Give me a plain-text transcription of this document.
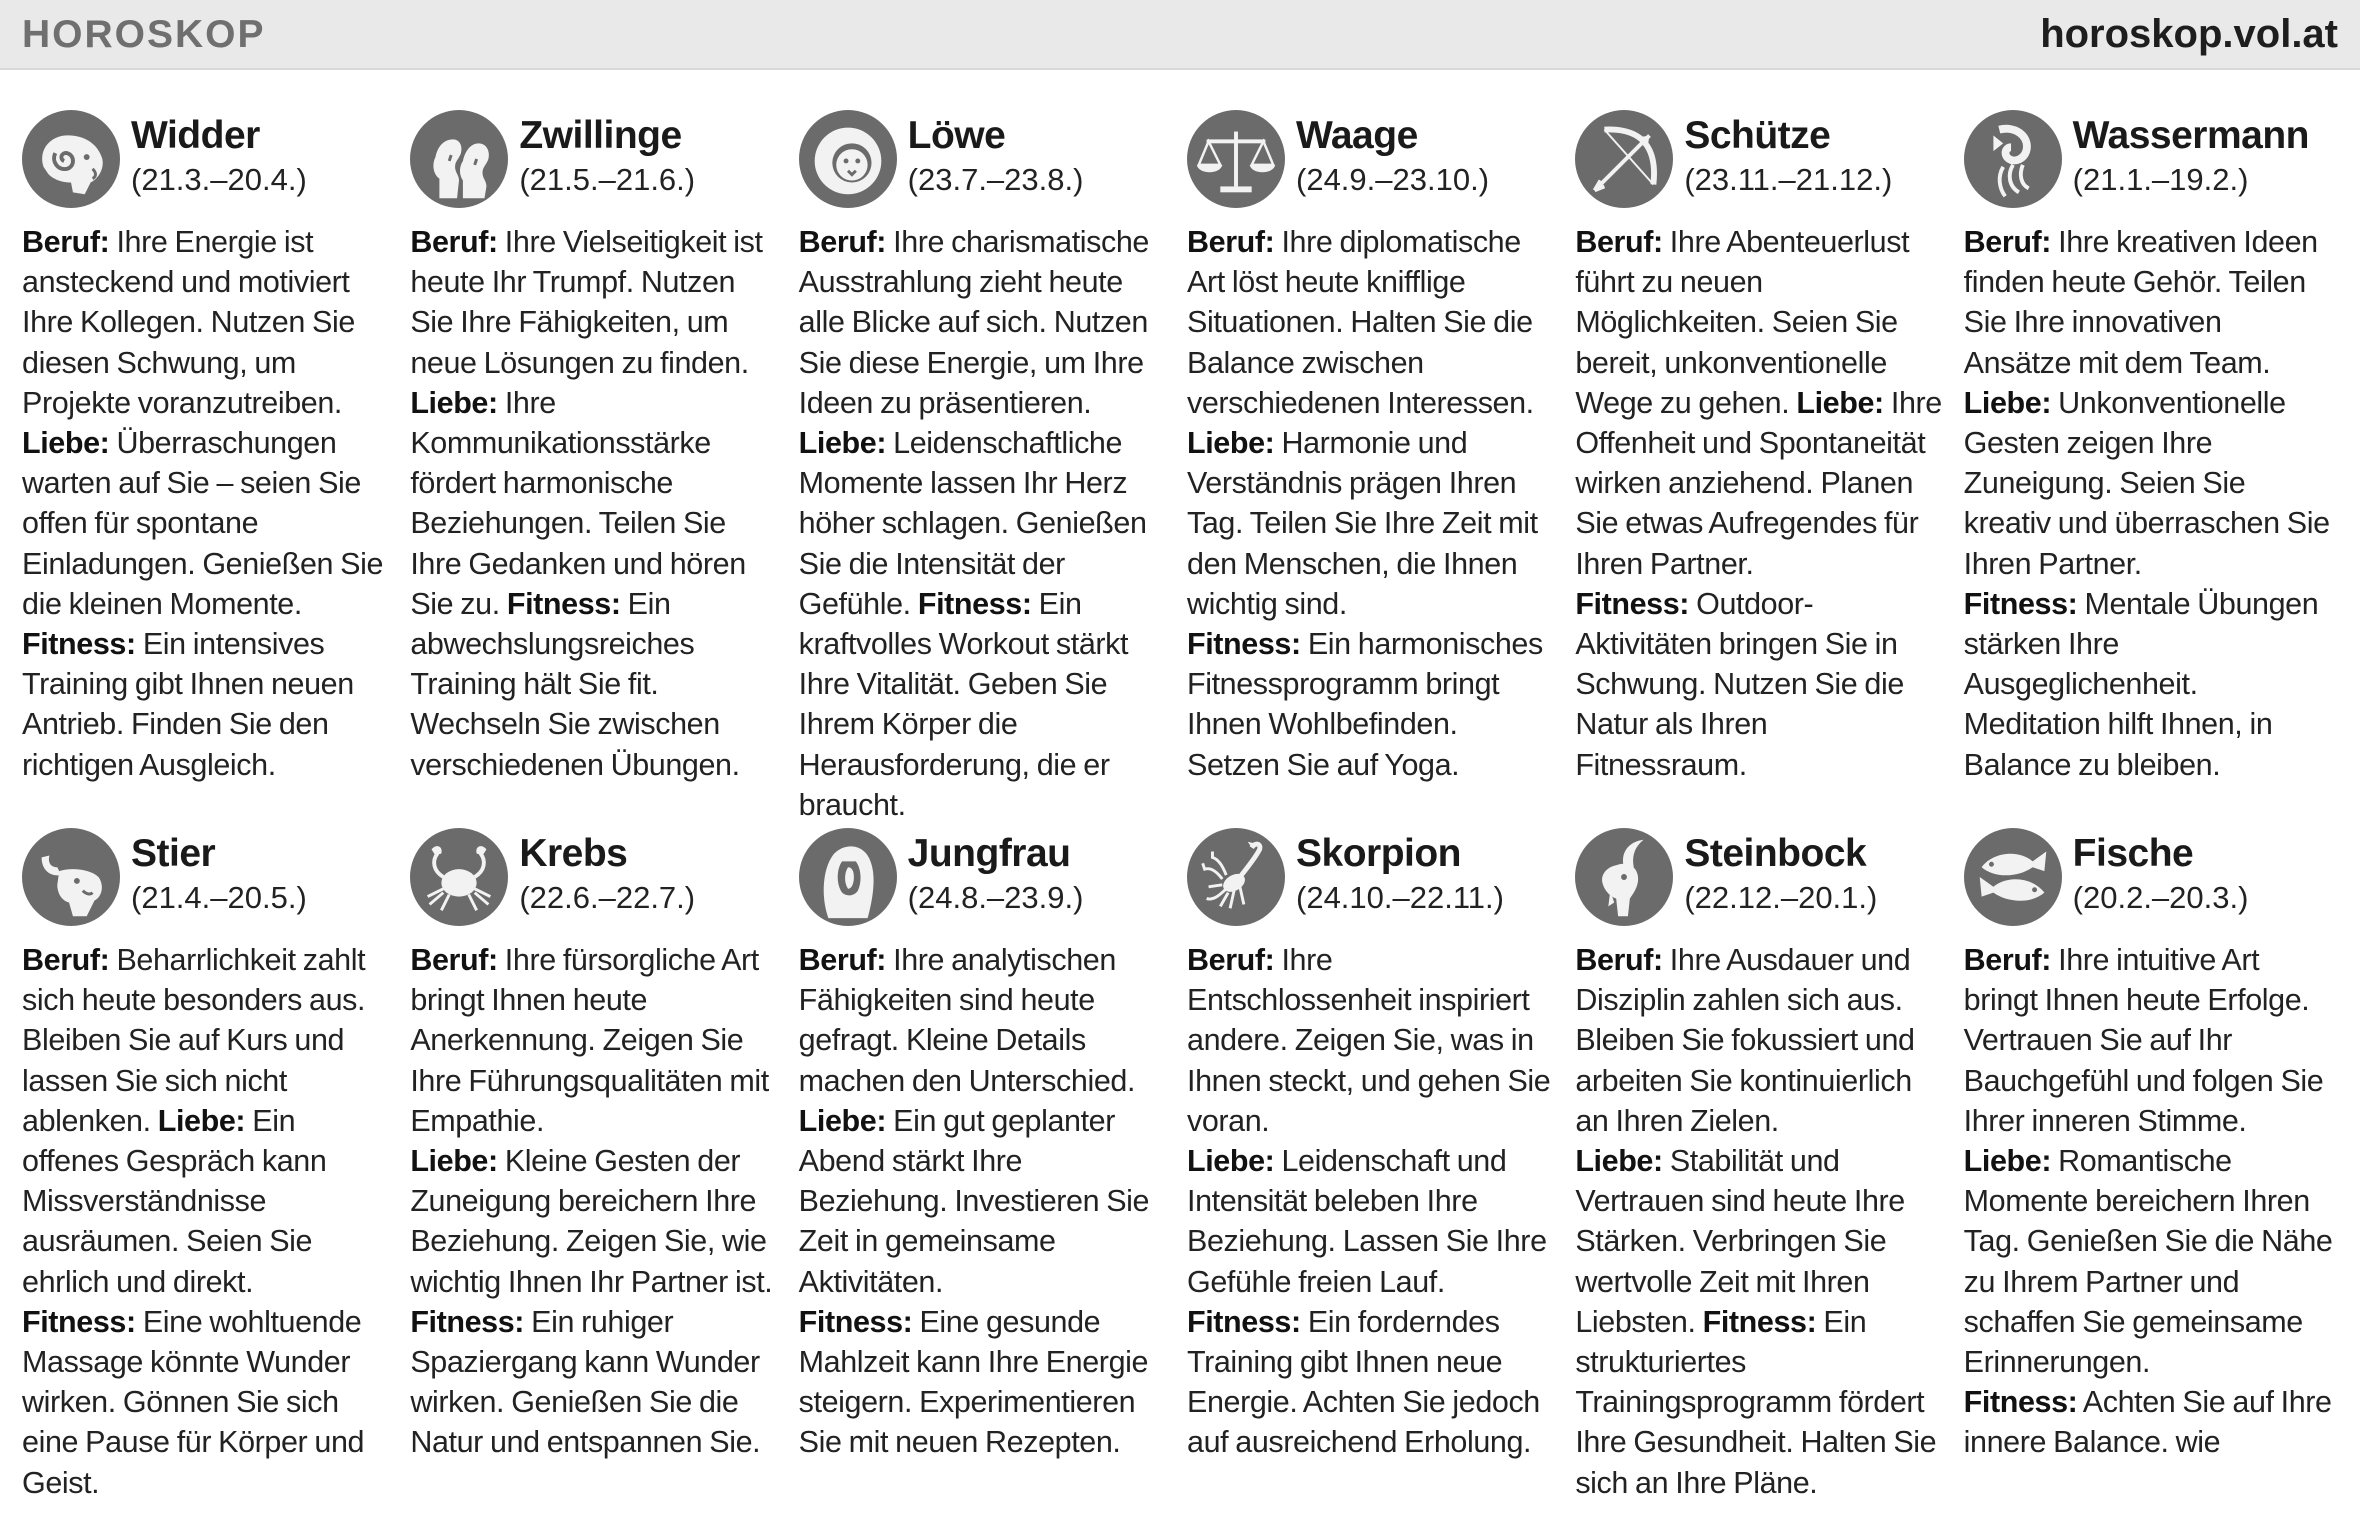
HOROSKOP	horoskop.vol.at
Widder
(21.3.–20.4.)
Beruf: Ihre Energie ist ansteckend und motiviert Ihre Kollegen. Nutzen Sie diesen Schwung, um Projekte voranzutreiben. Liebe: Überraschungen warten auf Sie – seien Sie offen für spontane Einladungen. Genießen Sie die kleinen Momente.
Fitness: Ein intensives Training gibt Ihnen neuen Antrieb. Finden Sie den richtigen Ausgleich.
Zwillinge
(21.5.–21.6.)
Beruf: Ihre Vielseitigkeit ist heute Ihr Trumpf. Nutzen Sie Ihre Fähigkeiten, um neue Lösungen zu finden. Liebe: Ihre Kommunikationsstärke fördert harmonische Beziehungen. Teilen Sie Ihre Gedanken und hören Sie zu. Fitness: Ein abwechslungsreiches Training hält Sie fit. Wechseln Sie zwischen verschiedenen Übungen.
Löwe
(23.7.–23.8.)
Beruf: Ihre charismatische Ausstrahlung zieht heute alle Blicke auf sich. Nutzen Sie diese Energie, um Ihre Ideen zu präsentieren.
Liebe: Leidenschaftliche Momente lassen Ihr Herz höher schlagen. Genießen Sie die Intensität der Gefühle. Fitness: Ein kraftvolles Workout stärkt Ihre Vitalität. Geben Sie Ihrem Körper die Herausforderung, die er braucht.
Waage
(24.9.–23.10.)
Beruf: Ihre diplomatische Art löst heute knifflige Situationen. Halten Sie die Balance zwischen verschiedenen Interessen.
Liebe: Harmonie und Verständnis prägen Ihren Tag. Teilen Sie Ihre Zeit mit den Menschen, die Ihnen wichtig sind.
Fitness: Ein harmonisches Fitnessprogramm bringt Ihnen Wohlbefinden. Setzen Sie auf Yoga.
Schütze
(23.11.–21.12.)
Beruf: Ihre Abenteuerlust führt zu neuen Möglichkeiten. Seien Sie bereit, unkonventionelle Wege zu gehen. Liebe: Ihre Offenheit und Spontaneität wirken anziehend. Planen Sie etwas Aufregendes für Ihren Partner.
Fitness: Outdoor-Aktivitäten bringen Sie in Schwung. Nutzen Sie die Natur als Ihren Fitnessraum.
Wassermann
(21.1.–19.2.)
Beruf: Ihre kreativen Ideen finden heute Gehör. Teilen Sie Ihre innovativen Ansätze mit dem Team. Liebe: Unkonventionelle Gesten zeigen Ihre Zuneigung. Seien Sie kreativ und überraschen Sie Ihren Partner.
Fitness: Mentale Übungen stärken Ihre Ausgeglichenheit. Meditation hilft Ihnen, in Balance zu bleiben.
Stier
(21.4.–20.5.)
Beruf: Beharrlichkeit zahlt sich heute besonders aus. Bleiben Sie auf Kurs und lassen Sie sich nicht ablenken. Liebe: Ein offenes Gespräch kann Missverständnisse ausräumen. Seien Sie ehrlich und direkt.
Fitness: Eine wohltuende Massage könnte Wunder wirken. Gönnen Sie sich eine Pause für Körper und Geist.
Krebs
(22.6.–22.7.)
Beruf: Ihre fürsorgliche Art bringt Ihnen heute Anerkennung. Zeigen Sie Ihre Führungsqualitäten mit Empathie.
Liebe: Kleine Gesten der Zuneigung bereichern Ihre Beziehung. Zeigen Sie, wie wichtig Ihnen Ihr Partner ist. Fitness: Ein ruhiger Spaziergang kann Wunder wirken. Genießen Sie die Natur und entspannen Sie.
Jungfrau
(24.8.–23.9.)
Beruf: Ihre analytischen Fähigkeiten sind heute gefragt. Kleine Details machen den Unterschied.
Liebe: Ein gut geplanter Abend stärkt Ihre Beziehung. Investieren Sie Zeit in gemeinsame Aktivitäten.
Fitness: Eine gesunde Mahlzeit kann Ihre Energie steigern. Experimentieren Sie mit neuen Rezepten.
Skorpion
(24.10.–22.11.)
Beruf: Ihre Entschlossenheit inspiriert andere. Zeigen Sie, was in Ihnen steckt, und gehen Sie voran.
Liebe: Leidenschaft und Intensität beleben Ihre Beziehung. Lassen Sie Ihre Gefühle freien Lauf.
Fitness: Ein forderndes Training gibt Ihnen neue Energie. Achten Sie jedoch auf ausreichend Erholung.
Steinbock
(22.12.–20.1.)
Beruf: Ihre Ausdauer und Disziplin zahlen sich aus. Bleiben Sie fokussiert und arbeiten Sie kontinuierlich an Ihren Zielen.
Liebe: Stabilität und Vertrauen sind heute Ihre Stärken. Verbringen Sie wertvolle Zeit mit Ihren Liebsten. Fitness: Ein strukturiertes Trainingsprogramm fördert Ihre Gesundheit. Halten Sie sich an Ihre Pläne.
Fische
(20.2.–20.3.)
Beruf: Ihre intuitive Art bringt Ihnen heute Erfolge. Vertrauen Sie auf Ihr Bauchgefühl und folgen Sie Ihrer inneren Stimme.
Liebe: Romantische Momente bereichern Ihren Tag. Genießen Sie die Nähe zu Ihrem Partner und schaffen Sie gemeinsame Erinnerungen.
Fitness: Achten Sie auf Ihre innere Balance. wie
